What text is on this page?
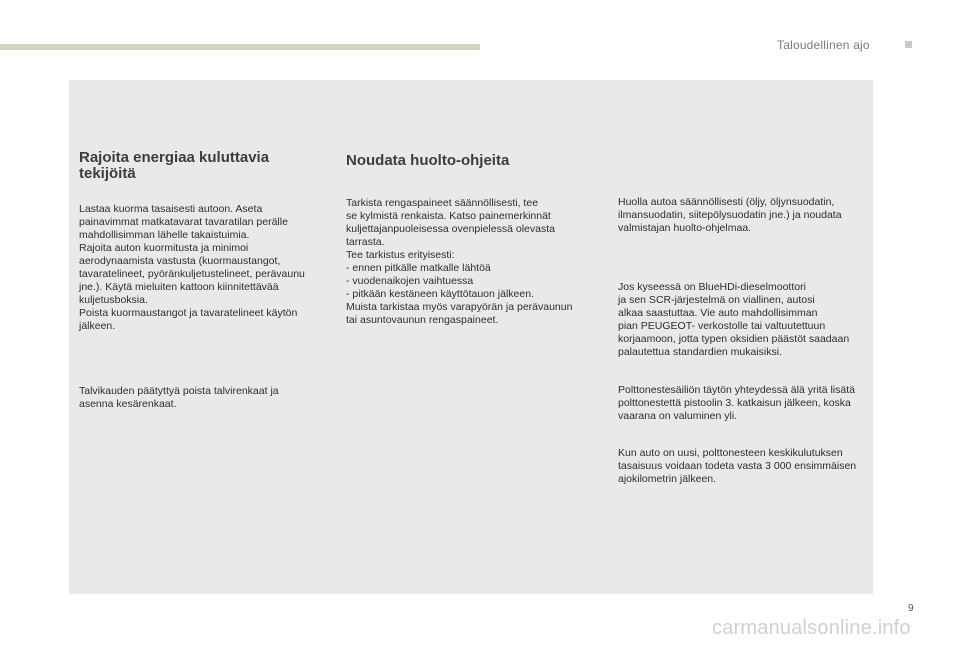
Taloudellinen ajo
Rajoita energiaa kuluttavia
tekijöitä

Lastaa kuorma tasaisesti autoon. Aseta
painavimmat matkatavarat tavaratilan perälle
mahdollisimman lähelle takaistuimia.
Rajoita auton kuormitusta ja minimoi
aerodynaamista vastusta (kuormaustangot,
tavaratelineet, pyöränkuljetustelineet, perävaunu
jne.). Käytä mieluiten kattoon kiinnitettävää
kuljetusboksia.
Poista kuormaustangot ja tavaratelineet käytön
jälkeen.

Talvikauden päätyttyä poista talvirenkaat ja
asenna kesärenkaat.

Noudata huolto-ohjeita

Tarkista rengaspaineet säännöllisesti, tee
se kylmistä renkaista. Katso painemerkinnät
kuljettajanpuoleisessa ovenpielessä olevasta
tarrasta.
Tee tarkistus erityisesti:
- ennen pitkälle matkalle lähtöä
- vuodenaikojen vaihtuessa
- pitkään kestäneen käyttötauon jälkeen.
Muista tarkistaa myös varapyörän ja perävaunun
tai asuntovaunun rengaspaineet.

Huolla autoa säännöllisesti (öljy, öljynsuodatin,
ilmansuodatin, siitepölysuodatin jne.) ja noudata
valmistajan huolto-ohjelmaa.

Jos kyseessä on BlueHDi-dieselmoottori
ja sen SCR-järjestelmä on viallinen, autosi
alkaa saastuttaa. Vie auto mahdollisimman
pian PEUGEOT- verkostolle tai valtuutettuun
korjaamoon, jotta typen oksidien päästöt saadaan
palautettua standardien mukaisiksi.

Polttonestesäiliön täytön yhteydessä älä yritä lisätä
polttonestettä pistoolin 3. katkaisun jälkeen, koska
vaarana on valuminen yli.

Kun auto on uusi, polttonesteen keskikulutuksen
tasaisuus voidaan todeta vasta 3 000 ensimmäisen
ajokilometrin jälkeen.

9
carmanualsonline.info
